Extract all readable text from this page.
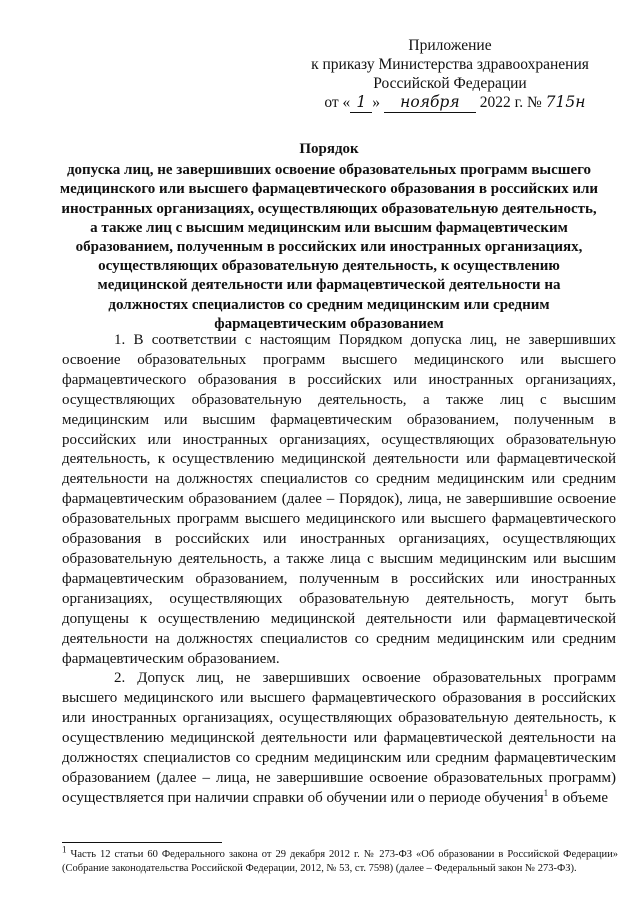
Приложение
к приказу Министерства здравоохранения
Российской Федерации
от « 1 » ноября 2022 г. № 715н
Порядок
допуска лиц, не завершивших освоение образовательных программ высшего медицинского или высшего фармацевтического образования в российских или иностранных организациях, осуществляющих образовательную деятельность, а также лиц с высшим медицинским или высшим фармацевтическим образованием, полученным в российских или иностранных организациях, осуществляющих образовательную деятельность, к осуществлению медицинской деятельности или фармацевтической деятельности на должностях специалистов со средним медицинским или средним фармацевтическим образованием

1. В соответствии с настоящим Порядком допуска лиц, не завершивших освоение образовательных программ высшего медицинского или высшего фармацевтического образования в российских или иностранных организациях, осуществляющих образовательную деятельность, а также лиц с высшим медицинским или высшим фармацевтическим образованием, полученным в российских или иностранных организациях, осуществляющих образовательную деятельность, к осуществлению медицинской деятельности или фармацевтической деятельности на должностях специалистов со средним медицинским или средним фармацевтическим образованием (далее – Порядок), лица, не завершившие освоение образовательных программ высшего медицинского или высшего фармацевтического образования в российских или иностранных организациях, осуществляющих образовательную деятельность, а также лица с высшим медицинским или высшим фармацевтическим образованием, полученным в российских или иностранных организациях, осуществляющих образовательную деятельность, могут быть допущены к осуществлению медицинской деятельности или фармацевтической деятельности на должностях специалистов со средним медицинским или средним фармацевтическим образованием.

2. Допуск лиц, не завершивших освоение образовательных программ высшего медицинского или высшего фармацевтического образования в российских или иностранных организациях, осуществляющих образовательную деятельность, к осуществлению медицинской деятельности или фармацевтической деятельности на должностях специалистов со средним медицинским или средним фармацевтическим образованием (далее – лица, не завершившие освоение образовательных программ) осуществляется при наличии справки об обучении или о периоде обучения$^1$ в объеме

$^1$ Часть 12 статьи 60 Федерального закона от 29 декабря 2012 г. № 273-ФЗ «Об образовании в Российской Федерации» (Собрание законодательства Российской Федерации, 2012, № 53, ст. 7598) (далее – Федеральный закон № 273-ФЗ).
